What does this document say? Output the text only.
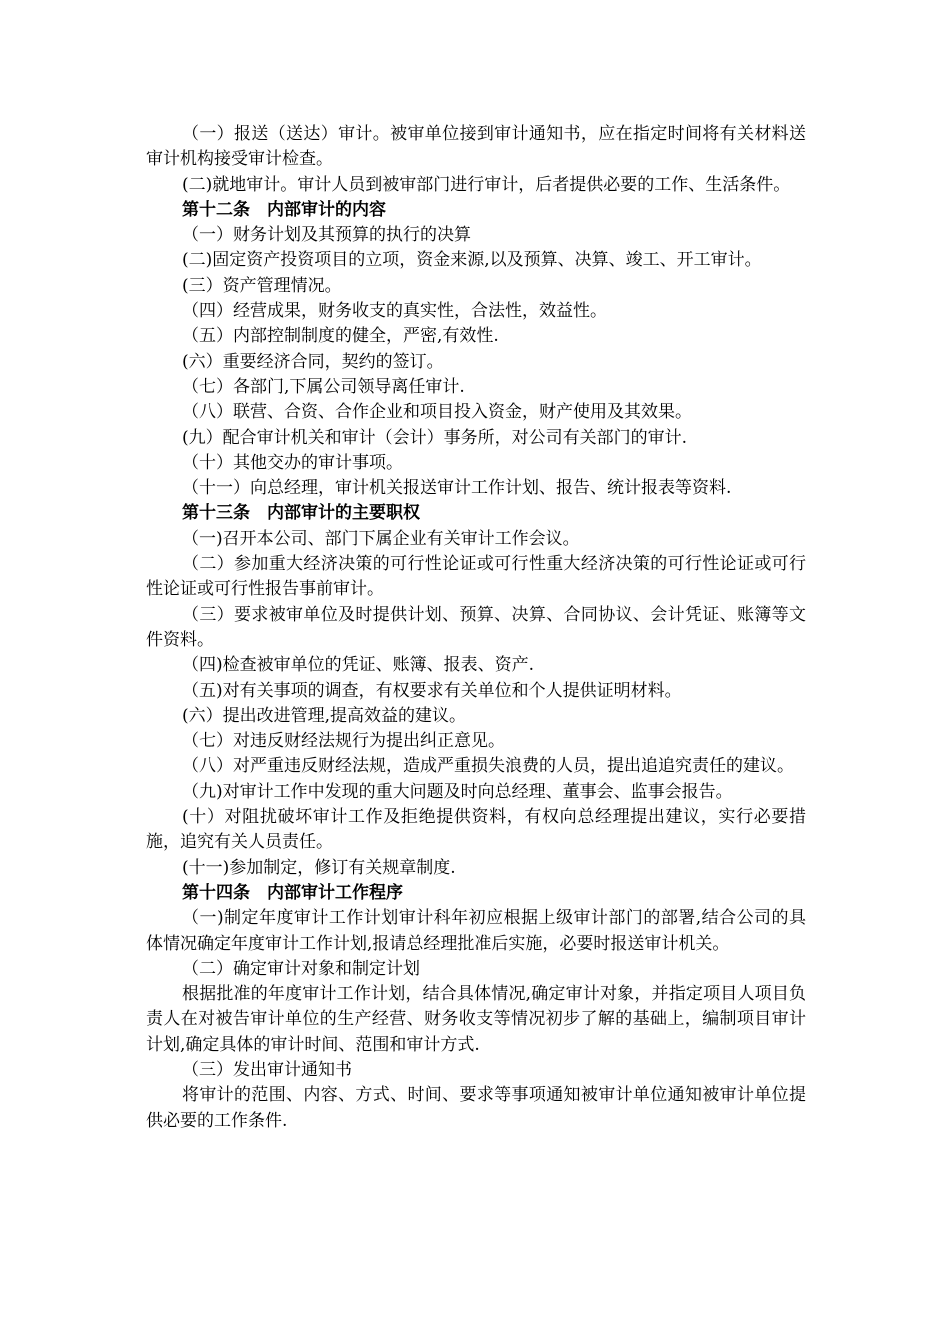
（一）报送（送达）审计。被审单位接到审计通知书，应在指定时间将有关材料送审计机构接受审计检查。

(二)就地审计。审计人员到被审部门进行审计，后者提供必要的工作、生活条件。

第十二条　内部审计的内容

（一）财务计划及其预算的执行的决算

(二)固定资产投资项目的立项，资金来源,以及预算、决算、竣工、开工审计。

(三）资产管理情况。

（四）经营成果，财务收支的真实性，合法性，效益性。

（五）内部控制制度的健全，严密,有效性.

(六）重要经济合同，契约的签订。

（七）各部门,下属公司领导离任审计.

（八）联营、合资、合作企业和项目投入资金，财产使用及其效果。

(九）配合审计机关和审计（会计）事务所，对公司有关部门的审计.

（十）其他交办的审计事项。

（十一）向总经理，审计机关报送审计工作计划、报告、统计报表等资料.

第十三条　内部审计的主要职权

（一)召开本公司、部门下属企业有关审计工作会议。

（二）参加重大经济决策的可行性论证或可行性重大经济决策的可行性论证或可行性论证或可行性报告事前审计。

（三）要求被审单位及时提供计划、预算、决算、合同协议、会计凭证、账簿等文件资料。

（四)检查被审单位的凭证、账簿、报表、资产.

（五)对有关事项的调查，有权要求有关单位和个人提供证明材料。

(六）提出改进管理,提高效益的建议。

（七）对违反财经法规行为提出纠正意见。

（八）对严重违反财经法规，造成严重损失浪费的人员，提出追追究责任的建议。

（九)对审计工作中发现的重大问题及时向总经理、董事会、监事会报告。

(十）对阻扰破坏审计工作及拒绝提供资料，有权向总经理提出建议，实行必要措施，追究有关人员责任。

(十一)参加制定，修订有关规章制度.

第十四条　内部审计工作程序

（一)制定年度审计工作计划审计科年初应根据上级审计部门的部署,结合公司的具体情况确定年度审计工作计划,报请总经理批准后实施，必要时报送审计机关。

（二）确定审计对象和制定计划

根据批准的年度审计工作计划，结合具体情况,确定审计对象，并指定项目人项目负责人在对被告审计单位的生产经营、财务收支等情况初步了解的基础上，编制项目审计计划,确定具体的审计时间、范围和审计方式.

（三）发出审计通知书

将审计的范围、内容、方式、时间、要求等事项通知被审计单位通知被审计单位提供必要的工作条件.
